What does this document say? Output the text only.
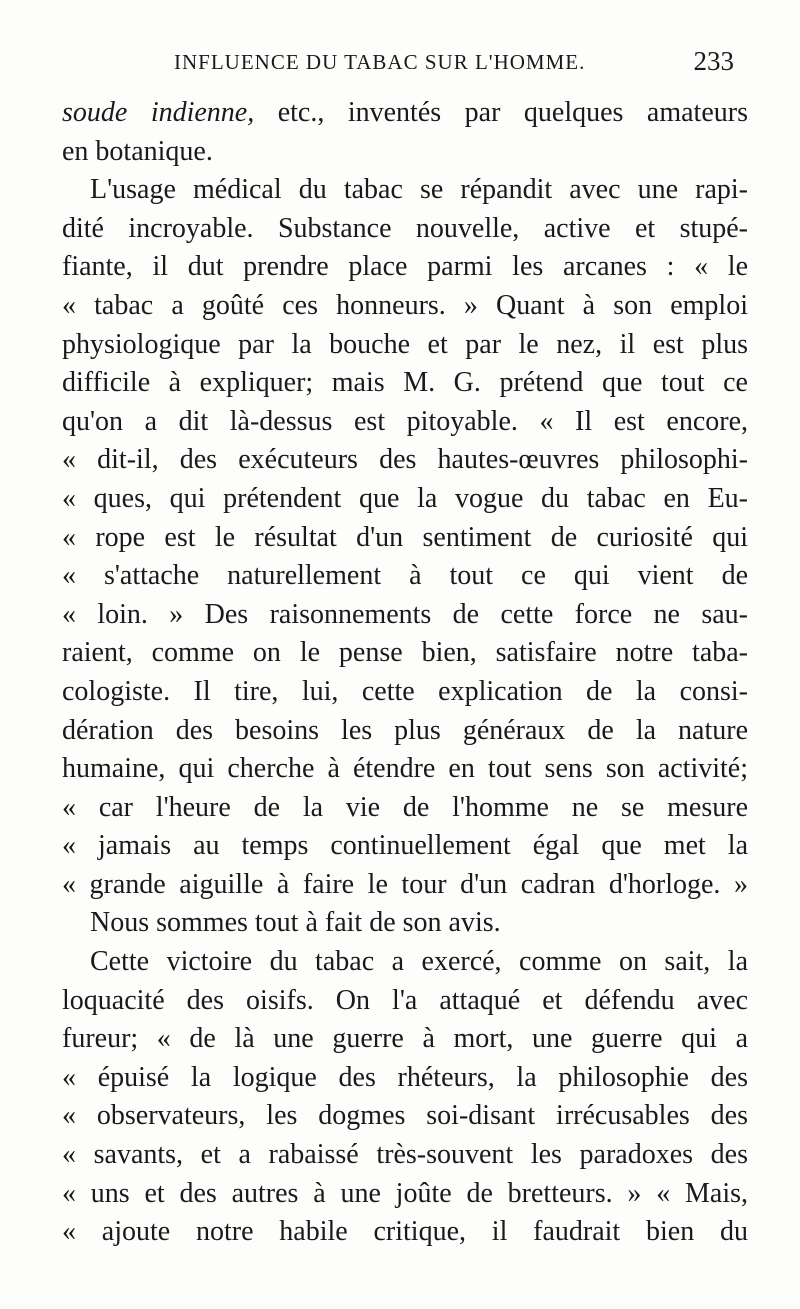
INFLUENCE DU TABAC SUR L'HOMME.	233
soude indienne, etc., inventés par quelques amateurs
en botanique.
L'usage médical du tabac se répandit avec une rapi-
dité incroyable. Substance nouvelle, active et stupé-
fiante, il dut prendre place parmi les arcanes : « le
« tabac a goûté ces honneurs. » Quant à son emploi
physiologique par la bouche et par le nez, il est plus
difficile à expliquer; mais M. G. prétend que tout ce
qu'on a dit là-dessus est pitoyable. « Il est encore,
« dit-il, des exécuteurs des hautes-œuvres philosophi-
« ques, qui prétendent que la vogue du tabac en Eu-
« rope est le résultat d'un sentiment de curiosité qui
« s'attache naturellement à tout ce qui vient de
« loin. » Des raisonnements de cette force ne sau-
raient, comme on le pense bien, satisfaire notre taba-
cologiste. Il tire, lui, cette explication de la consi-
dération des besoins les plus généraux de la nature
humaine, qui cherche à étendre en tout sens son activité;
« car l'heure de la vie de l'homme ne se mesure
« jamais au temps continuellement égal que met la
« grande aiguille à faire le tour d'un cadran d'horloge. »
Nous sommes tout à fait de son avis.
Cette victoire du tabac a exercé, comme on sait, la
loquacité des oisifs. On l'a attaqué et défendu avec
fureur; « de là une guerre à mort, une guerre qui a
« épuisé la logique des rhéteurs, la philosophie des
« observateurs, les dogmes soi-disant irrécusables des
« savants, et a rabaissé très-souvent les paradoxes des
« uns et des autres à une joûte de bretteurs. » « Mais,
« ajoute notre habile critique, il faudrait bien du
